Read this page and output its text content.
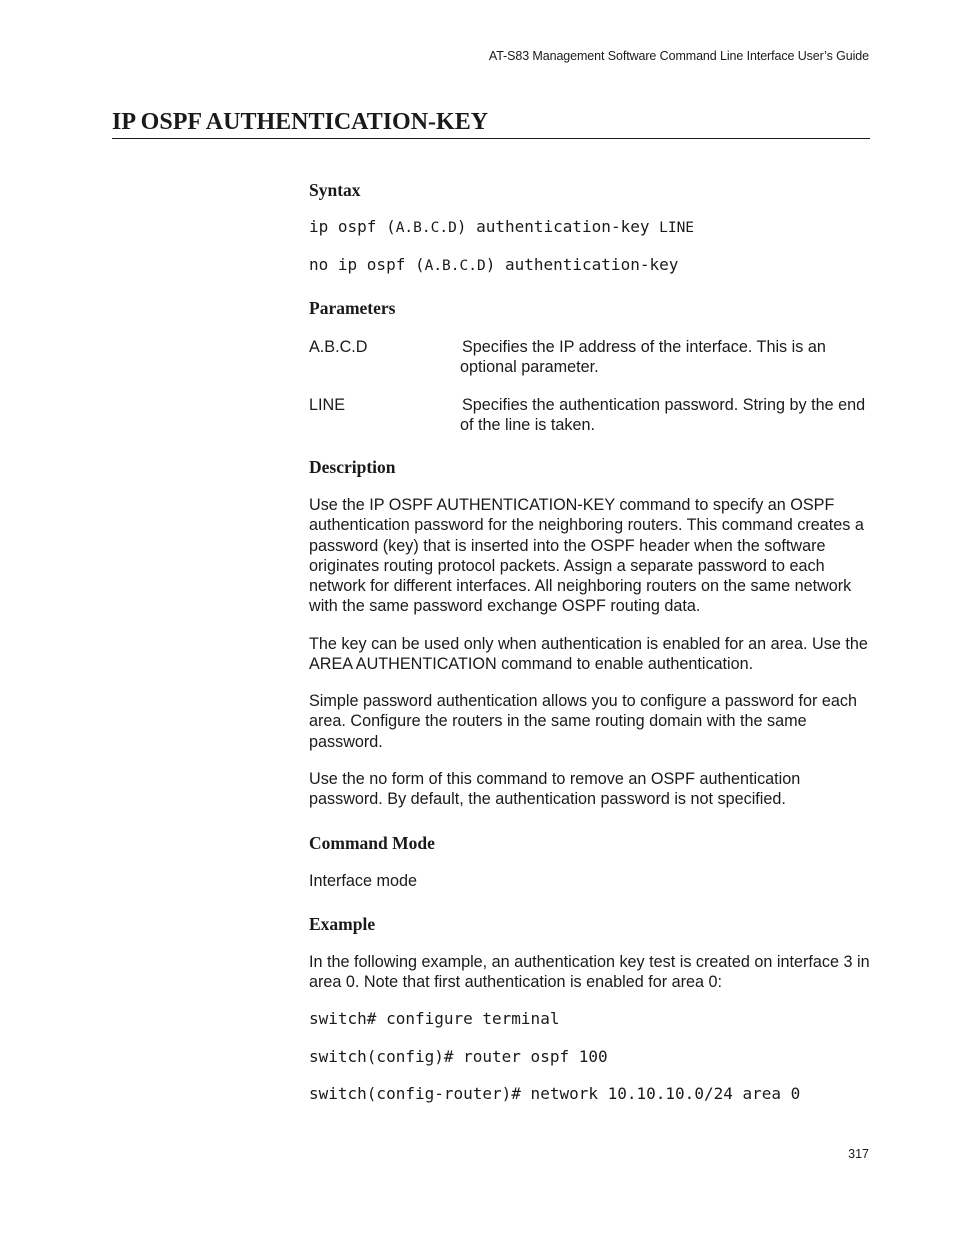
AT-S83 Management Software Command Line Interface User’s Guide
IP OSPF AUTHENTICATION-KEY
Syntax
ip ospf (A.B.C.D) authentication-key LINE
no ip ospf (A.B.C.D) authentication-key
Parameters
A.B.C.D	Specifies the IP address of the interface. This is an optional parameter.
LINE	Specifies the authentication password. String by the end of the line is taken.
Description
Use the IP OSPF AUTHENTICATION-KEY command to specify an OSPF authentication password for the neighboring routers. This command creates a password (key) that is inserted into the OSPF header when the software originates routing protocol packets. Assign a separate password to each network for different interfaces. All neighboring routers on the same network with the same password exchange OSPF routing data.
The key can be used only when authentication is enabled for an area. Use the AREA AUTHENTICATION command to enable authentication.
Simple password authentication allows you to configure a password for each area. Configure the routers in the same routing domain with the same password.
Use the no form of this command to remove an OSPF authentication password. By default, the authentication password is not specified.
Command Mode
Interface mode
Example
In the following example, an authentication key test is created on interface 3 in area 0. Note that first authentication is enabled for area 0:
switch# configure terminal
switch(config)# router ospf 100
switch(config-router)# network 10.10.10.0/24 area 0
317
